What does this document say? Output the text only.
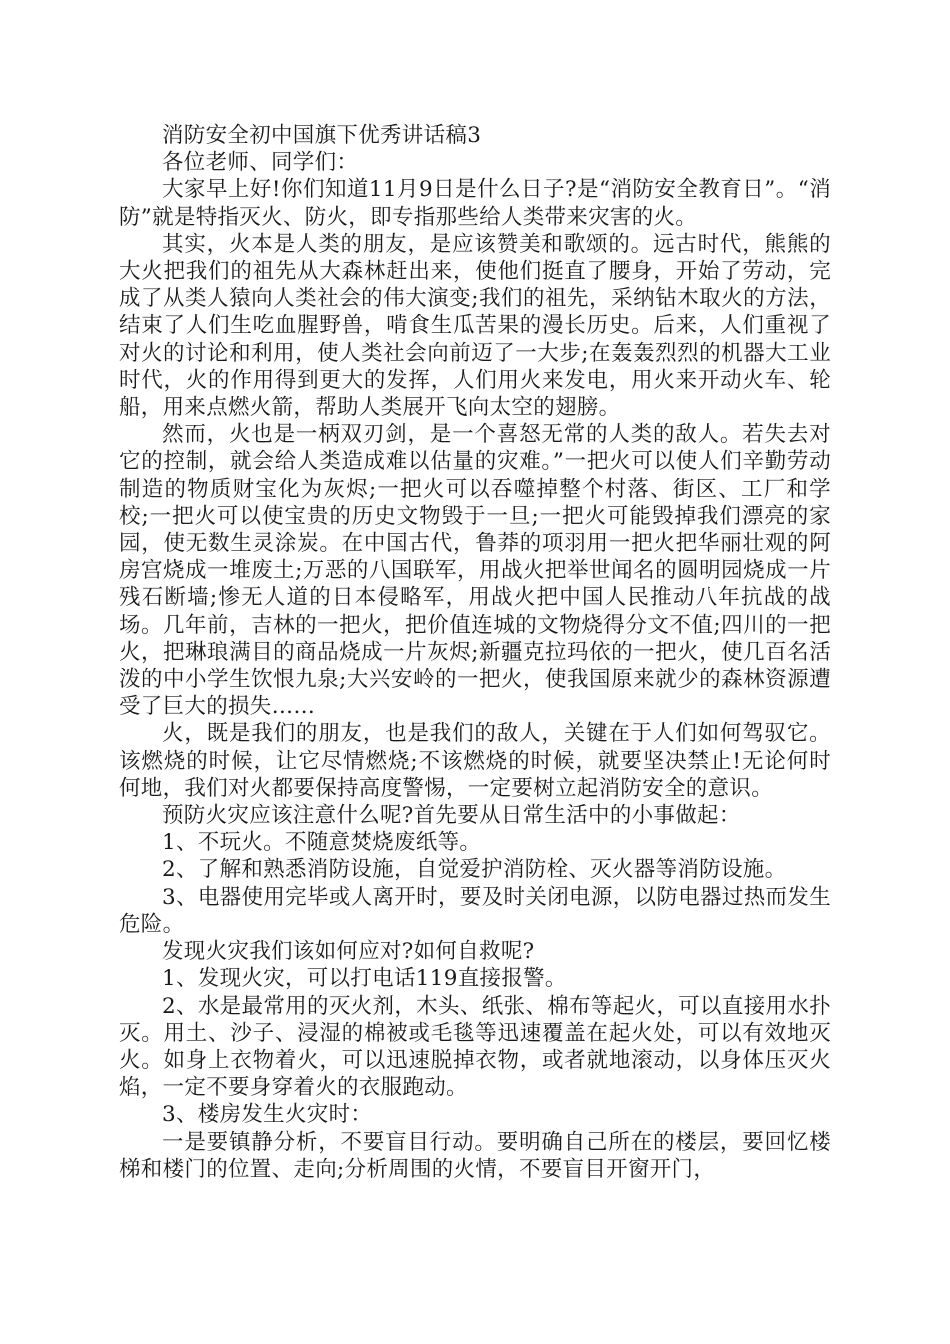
消防安全初中国旗下优秀讲话稿3

各位老师、同学们：

大家早上好!你们知道11月9日是什么日子?是“消防安全教育日”。“消防”就是特指灭火、防火，即专指那些给人类带来灾害的火。

其实，火本是人类的朋友，是应该赞美和歌颂的。远古时代，熊熊的大火把我们的祖先从大森林赶出来，使他们挺直了腰身，开始了劳动，完成了从类人猿向人类社会的伟大演变;我们的祖先，采纳钻木取火的方法，结束了人们生吃血腥野兽，啃食生瓜苦果的漫长历史。后来，人们重视了对火的讨论和利用，使人类社会向前迈了一大步;在轰轰烈烈的机器大工业时代，火的作用得到更大的发挥，人们用火来发电，用火来开动火车、轮船，用来点燃火箭，帮助人类展开飞向太空的翅膀。

然而，火也是一柄双刃剑，是一个喜怒无常的人类的敌人。若失去对它的控制，就会给人类造成难以估量的灾难。”一把火可以使人们辛勤劳动制造的物质财宝化为灰烬;一把火可以吞噬掉整个村落、街区、工厂和学校;一把火可以使宝贵的历史文物毁于一旦;一把火可能毁掉我们漂亮的家园，使无数生灵涂炭。在中国古代，鲁莽的项羽用一把火把华丽壮观的阿房宫烧成一堆废土;万恶的八国联军，用战火把举世闻名的圆明园烧成一片残石断墙;惨无人道的日本侵略军，用战火把中国人民推动八年抗战的战场。几年前，吉林的一把火，把价值连城的文物烧得分文不值;四川的一把火，把琳琅满目的商品烧成一片灰烬;新疆克拉玛依的一把火，使几百名活泼的中小学生饮恨九泉;大兴安岭的一把火，使我国原来就少的森林资源遭受了巨大的损失……

火，既是我们的朋友，也是我们的敌人，关键在于人们如何驾驭它。该燃烧的时候，让它尽情燃烧;不该燃烧的时候，就要坚决禁止!无论何时何地，我们对火都要保持高度警惕，一定要树立起消防安全的意识。

预防火灾应该注意什么呢?首先要从日常生活中的小事做起：

1、不玩火。不随意焚烧废纸等。

2、了解和熟悉消防设施，自觉爱护消防栓、灭火器等消防设施。

3、电器使用完毕或人离开时，要及时关闭电源，以防电器过热而发生危险。

发现火灾我们该如何应对?如何自救呢?

1、发现火灾，可以打电话119直接报警。

2、水是最常用的灭火剂，木头、纸张、棉布等起火，可以直接用水扑灭。用土、沙子、浸湿的棉被或毛毯等迅速覆盖在起火处，可以有效地灭火。如身上衣物着火，可以迅速脱掉衣物，或者就地滚动，以身体压灭火焰，一定不要身穿着火的衣服跑动。

3、楼房发生火灾时：

一是要镇静分析，不要盲目行动。要明确自己所在的楼层，要回忆楼梯和楼门的位置、走向;分析周围的火情，不要盲目开窗开门，
